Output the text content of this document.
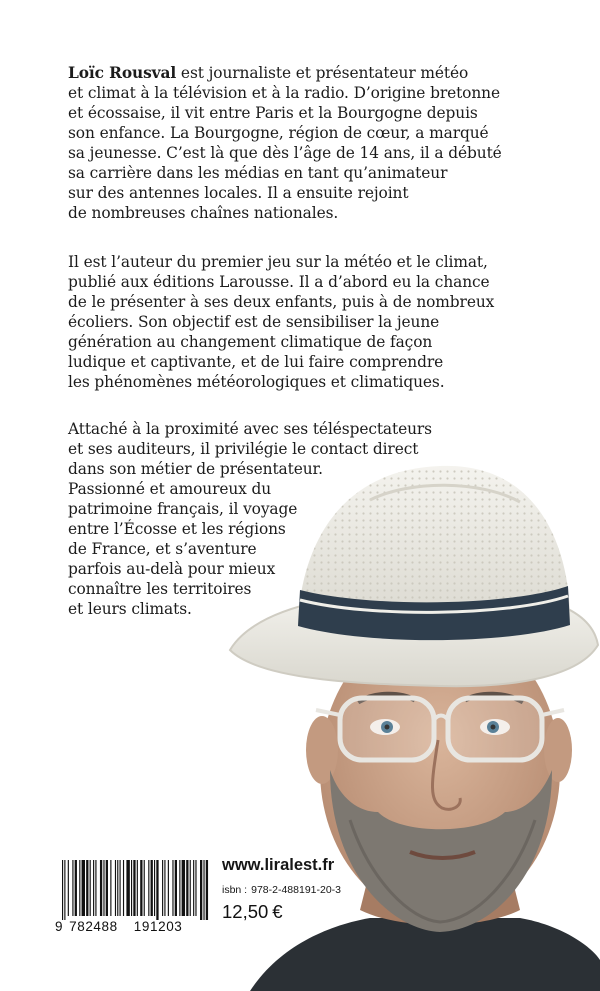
Loïc Rousval est journaliste et présentateur météo
et climat à la télévision et à la radio. D’origine bretonne
et écossaise, il vit entre Paris et la Bourgogne depuis
son enfance. La Bourgogne, région de cœur, a marqué
sa jeunesse. C’est là que dès l’âge de 14 ans, il a débuté
sa carrière dans les médias en tant qu’animateur
sur des antennes locales. Il a ensuite rejoint
de nombreuses chaînes nationales.

Il est l’auteur du premier jeu sur la météo et le climat,
publié aux éditions Larousse. Il a d’abord eu la chance
de le présenter à ses deux enfants, puis à de nombreux
écoliers. Son objectif est de sensibiliser la jeune
génération au changement climatique de façon
ludique et captivante, et de lui faire comprendre
les phénomènes météorologiques et climatiques.

Attaché à la proximité avec ses téléspectateurs
et ses auditeurs, il privilégie le contact direct
dans son métier de présentateur.
Passionné et amoureux du
patrimoine français, il voyage
entre l’Écosse et les régions
de France, et s’aventure
parfois au-delà pour mieux
connaître les territoires
et leurs climats.

9 782488 191203
www.liralest.fr
isbn : 978-2-488191-20-3
12,50 €
